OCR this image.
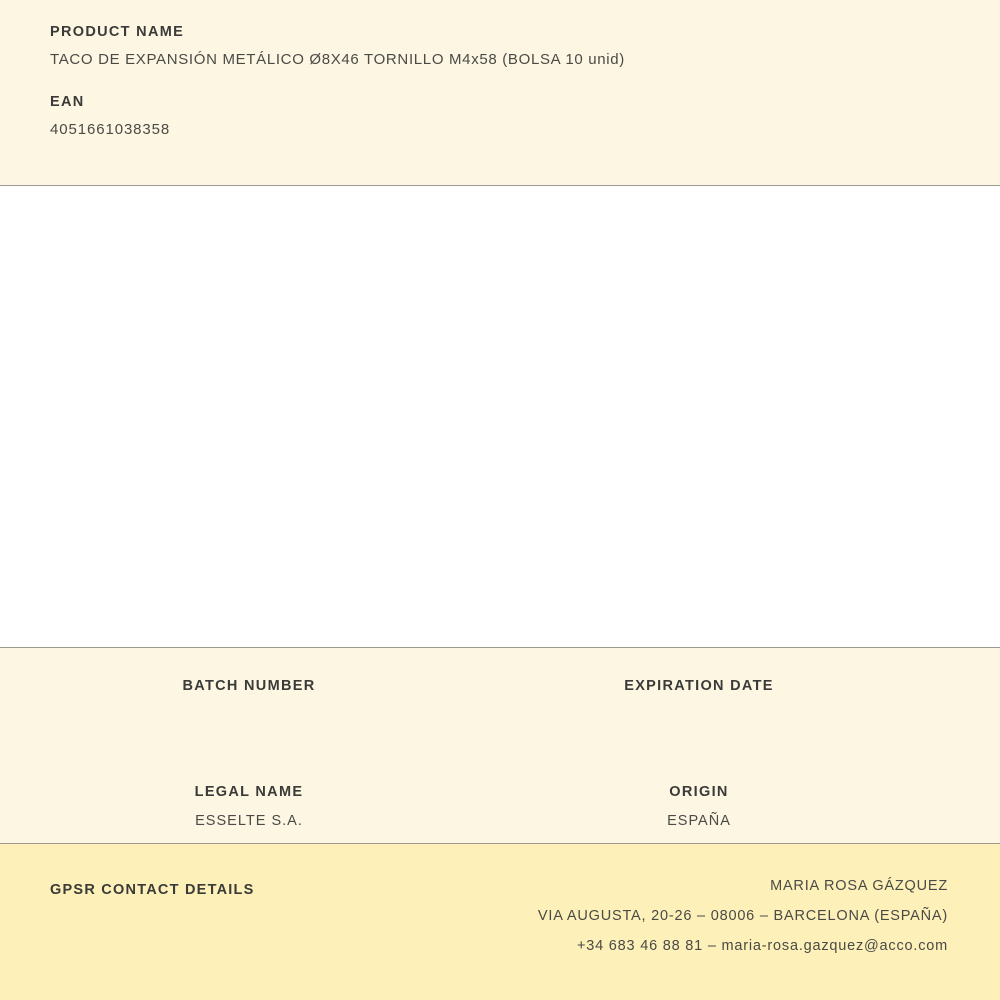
PRODUCT NAME
TACO DE EXPANSIÓN METÁLICO Ø8X46 TORNILLO M4x58 (BOLSA 10 unid)
EAN
4051661038358
BATCH NUMBER	EXPIRATION DATE
LEGAL NAME
ESSELTE S.A.
ORIGIN
ESPAÑA
GPSR CONTACT DETAILS	MARIA ROSA GÁZQUEZ
VIA AUGUSTA, 20-26 – 08006 – BARCELONA (ESPAÑA)
+34 683 46 88 81 – maria-rosa.gazquez@acco.com
